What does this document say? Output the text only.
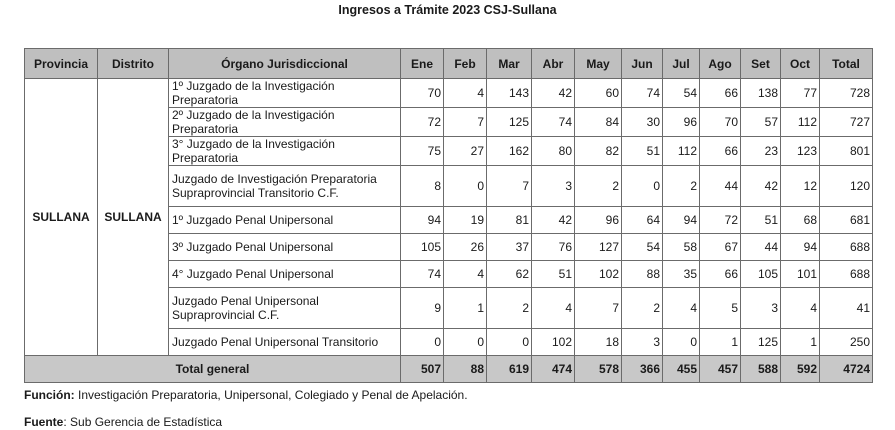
Ingresos a Trámite 2023 CSJ-Sullana
Provincia	Distrito	Órgano Jurisdiccional	Ene	Feb	Mar	Abr	May	Jun	Jul	Ago	Set	Oct	Total
SULLANA	SULLANA	1º Juzgado de la Investigación Preparatoria	70	4	143	42	60	74	54	66	138	77	728
		2º Juzgado de la Investigación Preparatoria	72	7	125	74	84	30	96	70	57	112	727
		3° Juzgado de la Investigación Preparatoria	75	27	162	80	82	51	112	66	23	123	801
		Juzgado de Investigación Preparatoria Supraprovincial Transitorio C.F.	8	0	7	3	2	0	2	44	42	12	120
		1º Juzgado Penal Unipersonal	94	19	81	42	96	64	94	72	51	68	681
		3º Juzgado Penal Unipersonal	105	26	37	76	127	54	58	67	44	94	688
		4° Juzgado Penal Unipersonal	74	4	62	51	102	88	35	66	105	101	688
		Juzgado Penal Unipersonal Supraprovincial C.F.	9	1	2	4	7	2	4	5	3	4	41
		Juzgado Penal Unipersonal Transitorio	0	0	0	102	18	3	0	1	125	1	250
Total general			507	88	619	474	578	366	455	457	588	592	4724
Función: Investigación Preparatoria, Unipersonal, Colegiado y Penal de Apelación.
Fuente: Sub Gerencia de Estadística
